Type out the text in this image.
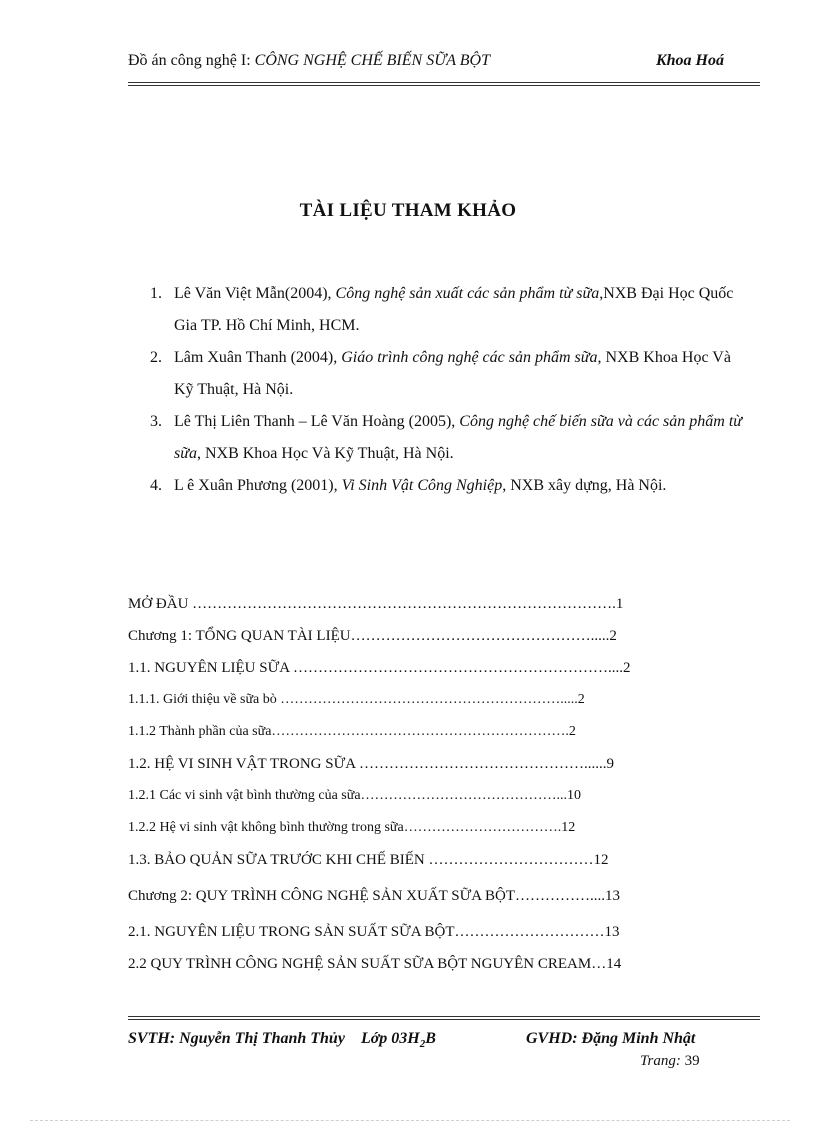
Đồ án công nghệ I: CÔNG NGHỆ CHẾ BIẾN SỮA BỘT	Khoa Hoá
TÀI LIỆU THAM KHẢO
1. Lê Văn Việt Mẫn(2004), Công nghệ sản xuất các sản phẩm từ sữa,NXB Đại Học Quốc Gia TP. Hồ Chí Minh, HCM.
2. Lâm Xuân Thanh (2004), Giáo trình công nghệ các sản phẩm sữa, NXB Khoa Học Và Kỹ Thuật, Hà Nội.
3. Lê Thị Liên Thanh – Lê Văn Hoàng (2005), Công nghệ chế biến sữa và các sản phẩm từ sữa, NXB Khoa Học Và Kỹ Thuật, Hà Nội.
4. L ê Xuân Phương (2001), Vi Sinh Vật Công Nghiệp, NXB xây dựng, Hà Nội.
MỞ ĐẦU ………………………………………………………………………….1
Chương 1: TỔNG QUAN TÀI LIỆU………………………………………….....2
1.1. NGUYÊN LIỆU SỮA ………………………………………………………....2
1.1.1. Giới thiệu về sữa bò …………………………………………………….....2
1.1.2 Thành phần của sữa……………………………………………………….2
1.2. HỆ VI SINH VẬT TRONG SỮA ………………………………………......9
1.2.1 Các vi sinh vật bình thường của sữa……………………………………...10
1.2.2 Hệ vi sinh vật không bình thường trong sữa…………………………….12
1.3. BẢO QUẢN SỮA TRƯỚC KHI CHẾ BIẾN ……………………………12
Chương 2: QUY TRÌNH CÔNG NGHỆ SẢN XUẤT SỮA BỘT……………....13
2.1. NGUYÊN LIỆU TRONG SẢN SUẤT SỮA BỘT…………………………13
2.2 QUY TRÌNH CÔNG NGHỆ SẢN SUẤT SỮA BỘT NGUYÊN CREAM…14
SVTH: Nguyễn Thị Thanh Thủy Lớp $03H_2B$	GVHD: Đặng Minh Nhật
Trang: 39
